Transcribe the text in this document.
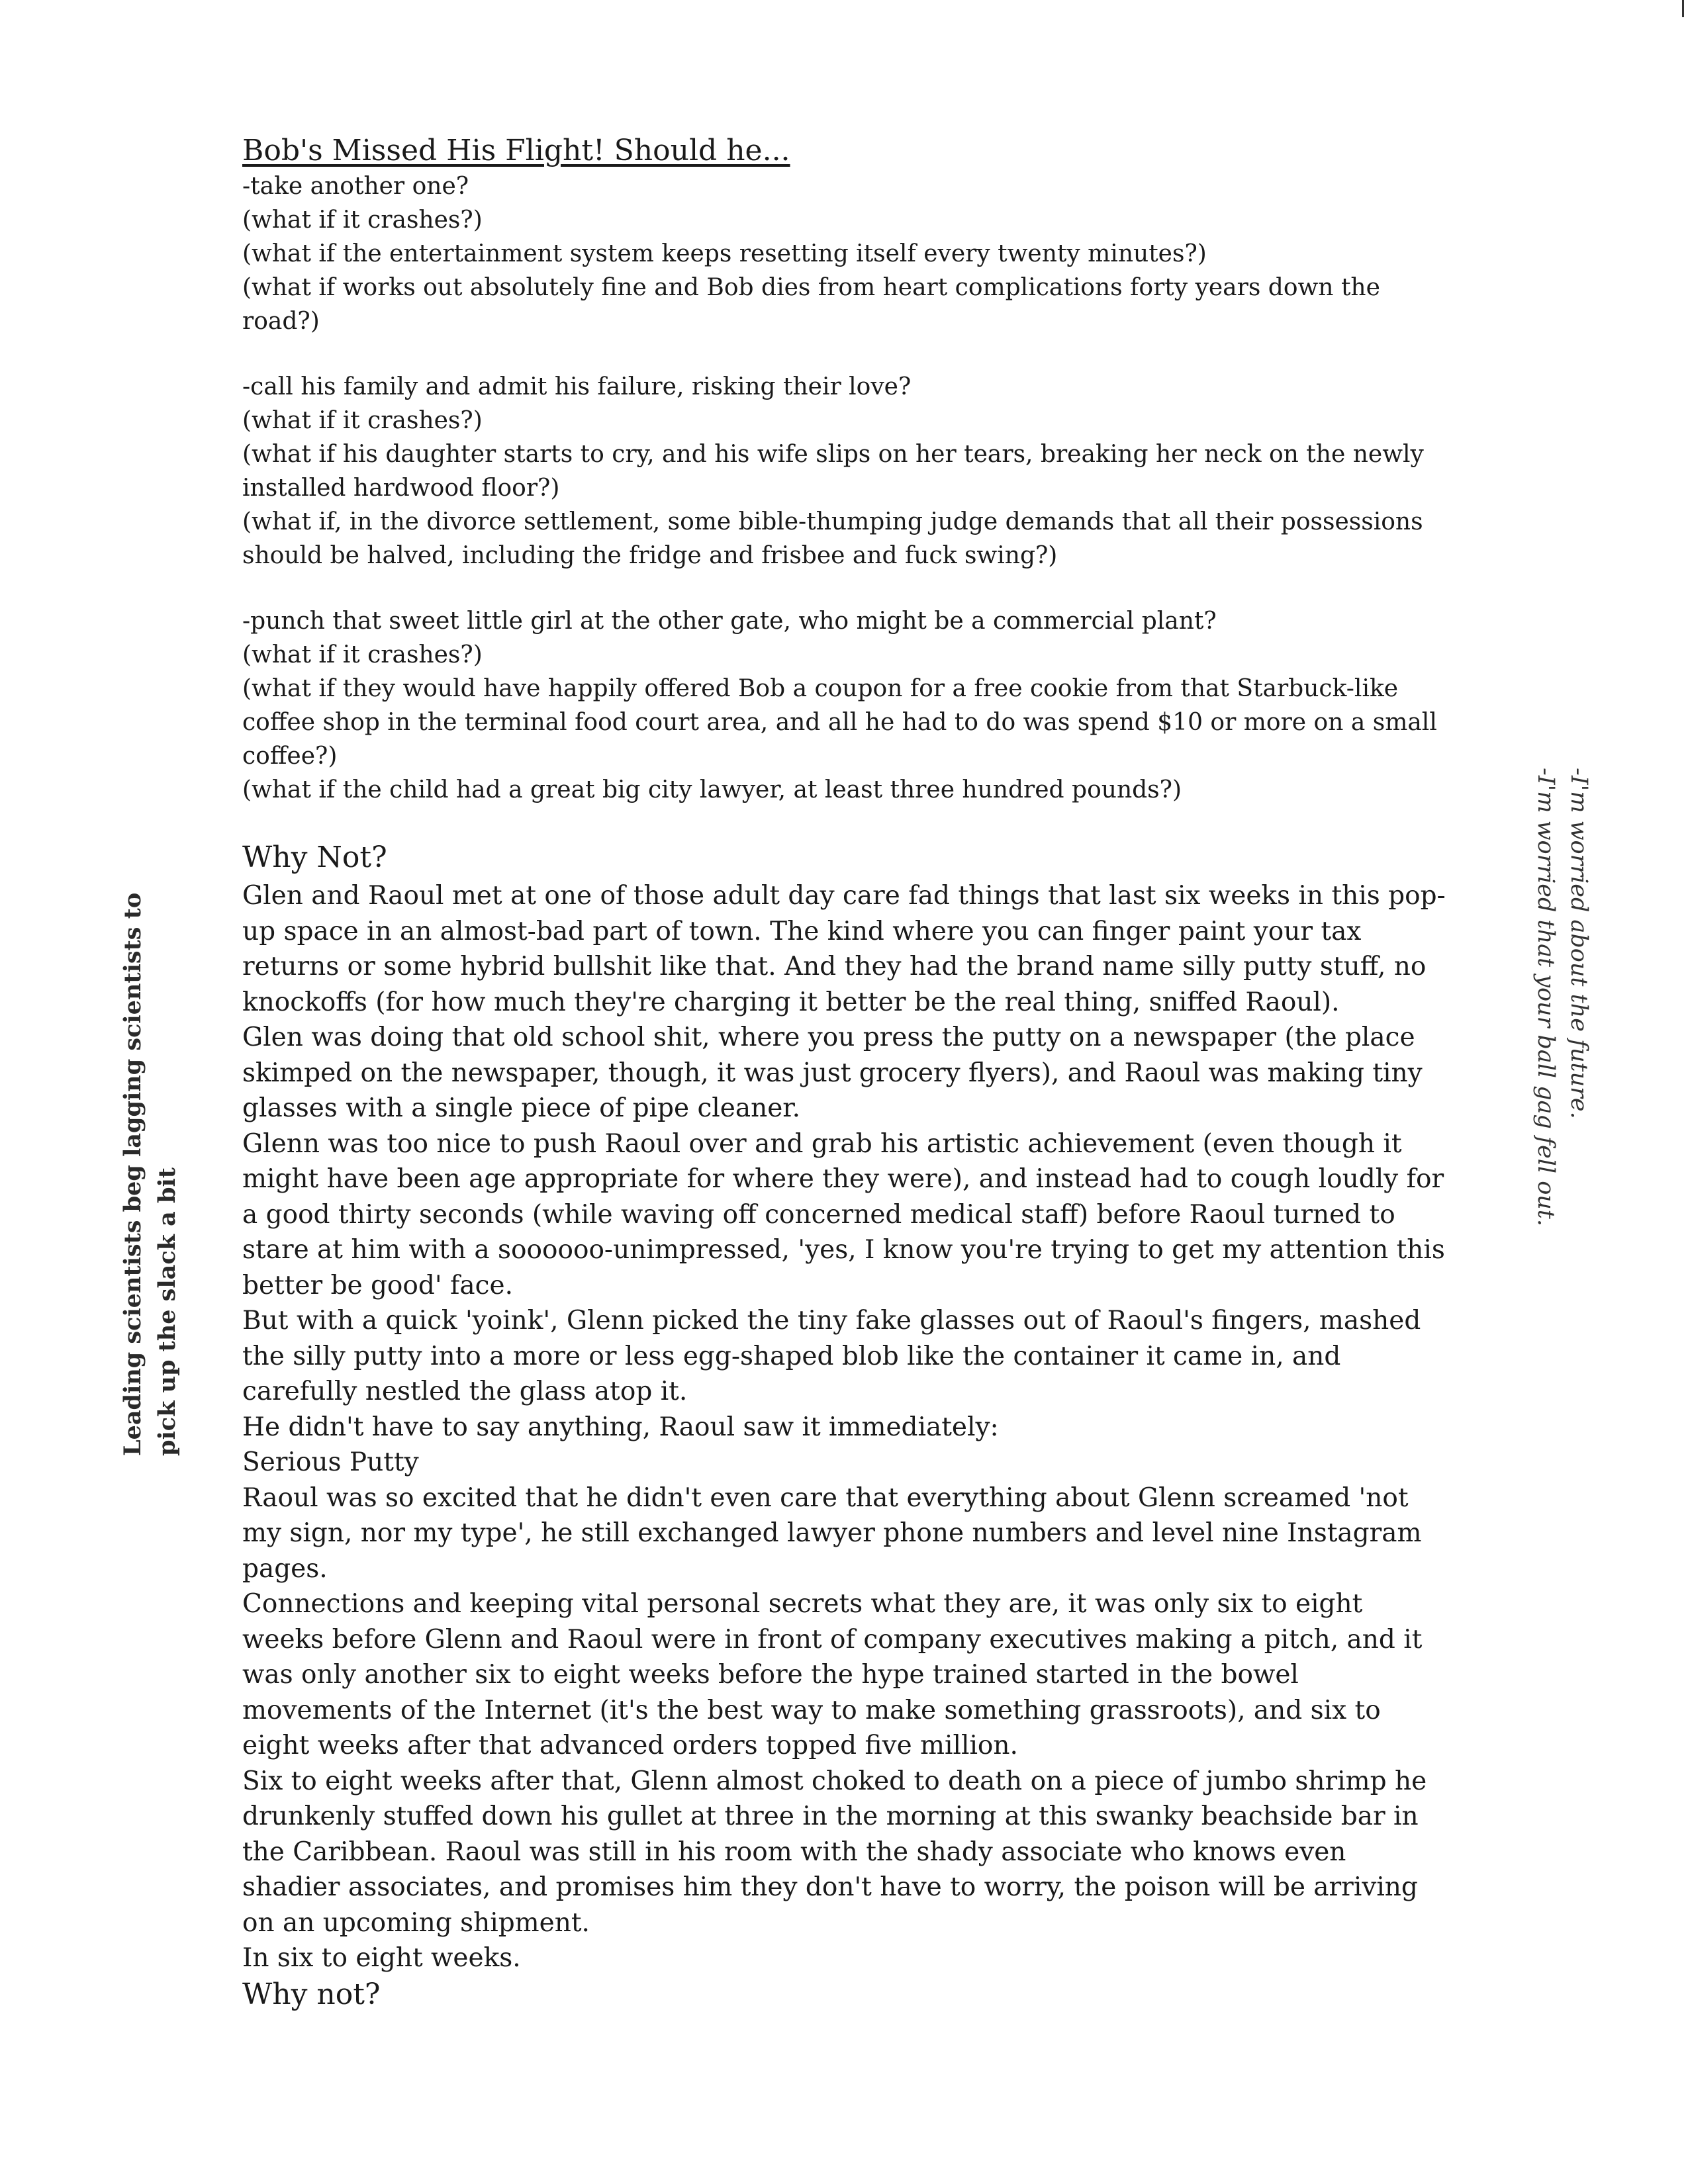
Bob's Missed His Flight! Should he...

-take another one?

(what if it crashes?)

(what if the entertainment system keeps resetting itself every twenty minutes?)

(what if works out absolutely fine and Bob dies from heart complications forty years down the road?)

-call his family and admit his failure, risking their love?

(what if it crashes?)

(what if his daughter starts to cry, and his wife slips on her tears, breaking her neck on the newly installed hardwood floor?)

(what if, in the divorce settlement, some bible-thumping judge demands that all their possessions should be halved, including the fridge and frisbee and fuck swing?)

-punch that sweet little girl at the other gate, who might be a commercial plant?

(what if it crashes?)

(what if they would have happily offered Bob a coupon for a free cookie from that Starbuck-like coffee shop in the terminal food court area, and all he had to do was spend $10 or more on a small coffee?)

(what if the child had a great big city lawyer, at least three hundred pounds?)

Why Not?

Glen and Raoul met at one of those adult day care fad things that last six weeks in this pop-up space in an almost-bad part of town. The kind where you can finger paint your tax returns or some hybrid bullshit like that. And they had the brand name silly putty stuff, no knockoffs (for how much they're charging it better be the real thing, sniffed Raoul).

Glen was doing that old school shit, where you press the putty on a newspaper (the place skimped on the newspaper, though, it was just grocery flyers), and Raoul was making tiny glasses with a single piece of pipe cleaner.

Glenn was too nice to push Raoul over and grab his artistic achievement (even though it might have been age appropriate for where they were), and instead had to cough loudly for a good thirty seconds (while waving off concerned medical staff) before Raoul turned to stare at him with a soooooo-unimpressed, 'yes, I know you're trying to get my attention this better be good' face.

But with a quick 'yoink', Glenn picked the tiny fake glasses out of Raoul's fingers, mashed the silly putty into a more or less egg-shaped blob like the container it came in, and carefully nestled the glass atop it.

He didn't have to say anything, Raoul saw it immediately:

Serious Putty

Raoul was so excited that he didn't even care that everything about Glenn screamed 'not my sign, nor my type', he still exchanged lawyer phone numbers and level nine Instagram pages.

Connections and keeping vital personal secrets what they are, it was only six to eight weeks before Glenn and Raoul were in front of company executives making a pitch, and it was only another six to eight weeks before the hype trained started in the bowel movements of the Internet (it's the best way to make something grassroots), and six to eight weeks after that advanced orders topped five million.

Six to eight weeks after that, Glenn almost choked to death on a piece of jumbo shrimp he drunkenly stuffed down his gullet at three in the morning at this swanky beachside bar in the Caribbean. Raoul was still in his room with the shady associate who knows even shadier associates, and promises him they don't have to worry, the poison will be arriving on an upcoming shipment.

In six to eight weeks.

Why not?

Leading scientists beg lagging scientists to pick up the slack a bit

-I'm worried about the future.

-I'm worried that your ball gag fell out.
